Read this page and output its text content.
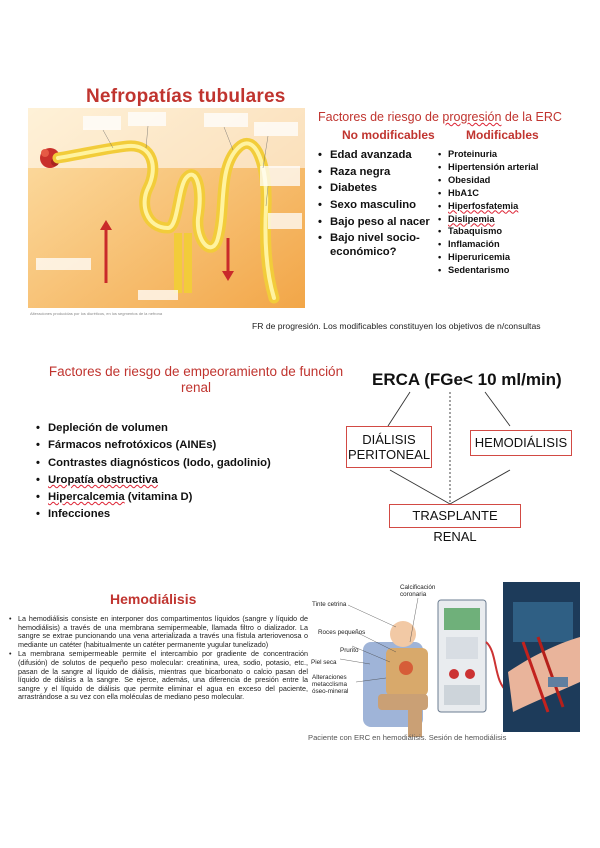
Nefropatías tubulares
Alteraciones producidas por los diuréticos, en los segmentos de la nefrona
Factores de riesgo de progresión de la ERC
No modificables	Modificables
• Edad avanzada
• Raza negra
• Diabetes
• Sexo masculino
• Bajo peso al nacer
• Bajo nivel socio-económico?
• Proteinuria
• Hipertensión arterial
• Obesidad
• HbA1C
• Hiperfosfatemia
• Dislipemia
• Tabaquismo
• Inflamación
• Hiperuricemia
• Sedentarismo
FR de progresión. Los modificables constituyen los objetivos de n/consultas
Factores de riesgo de empeoramiento de función renal
• Depleción de volumen
• Fármacos nefrotóxicos (AINEs)
• Contrastes diagnósticos (Iodo, gadolinio)
• Uropatía obstructiva
• Hipercalcemia (vitamina D)
• Infecciones
ERCA (FGe< 10 ml/min)
DIÁLISIS PERITONEAL
HEMODIÁLISIS
TRASPLANTE RENAL
Hemodiálisis
• La hemodiálisis consiste en interponer dos compartimentos líquidos (sangre y líquido de hemodiálisis) a través de una membrana semipermeable, llamada filtro o dializador. La sangre se extrae puncionando una vena arterializada a través una fístula arteriovenosa o mediante un catéter (habitualmente un catéter permanente yugular tunelizado)
• La membrana semipermeable permite el intercambio por gradiente de concentración (difusión) de solutos de pequeño peso molecular: creatinina, urea, sodio, potasio, etc., pasan de la sangre al líquido de diálisis, mientras que bicarbonato o calcio pasan del líquido de diálisis a la sangre. Se ejerce, además, una diferencia de presión entre la sangre y el líquido de diálisis que permite eliminar el agua en exceso del paciente, arrastrándose a su vez con ella moléculas de mediano peso molecular.
Tinte cetrina
Calcificación coronaria
Roces pequeños
Prurito
Piel seca
Alteraciones metacclisma óseo-mineral
Paciente con ERC en hemodiálisis. Sesión de hemodiálisis
